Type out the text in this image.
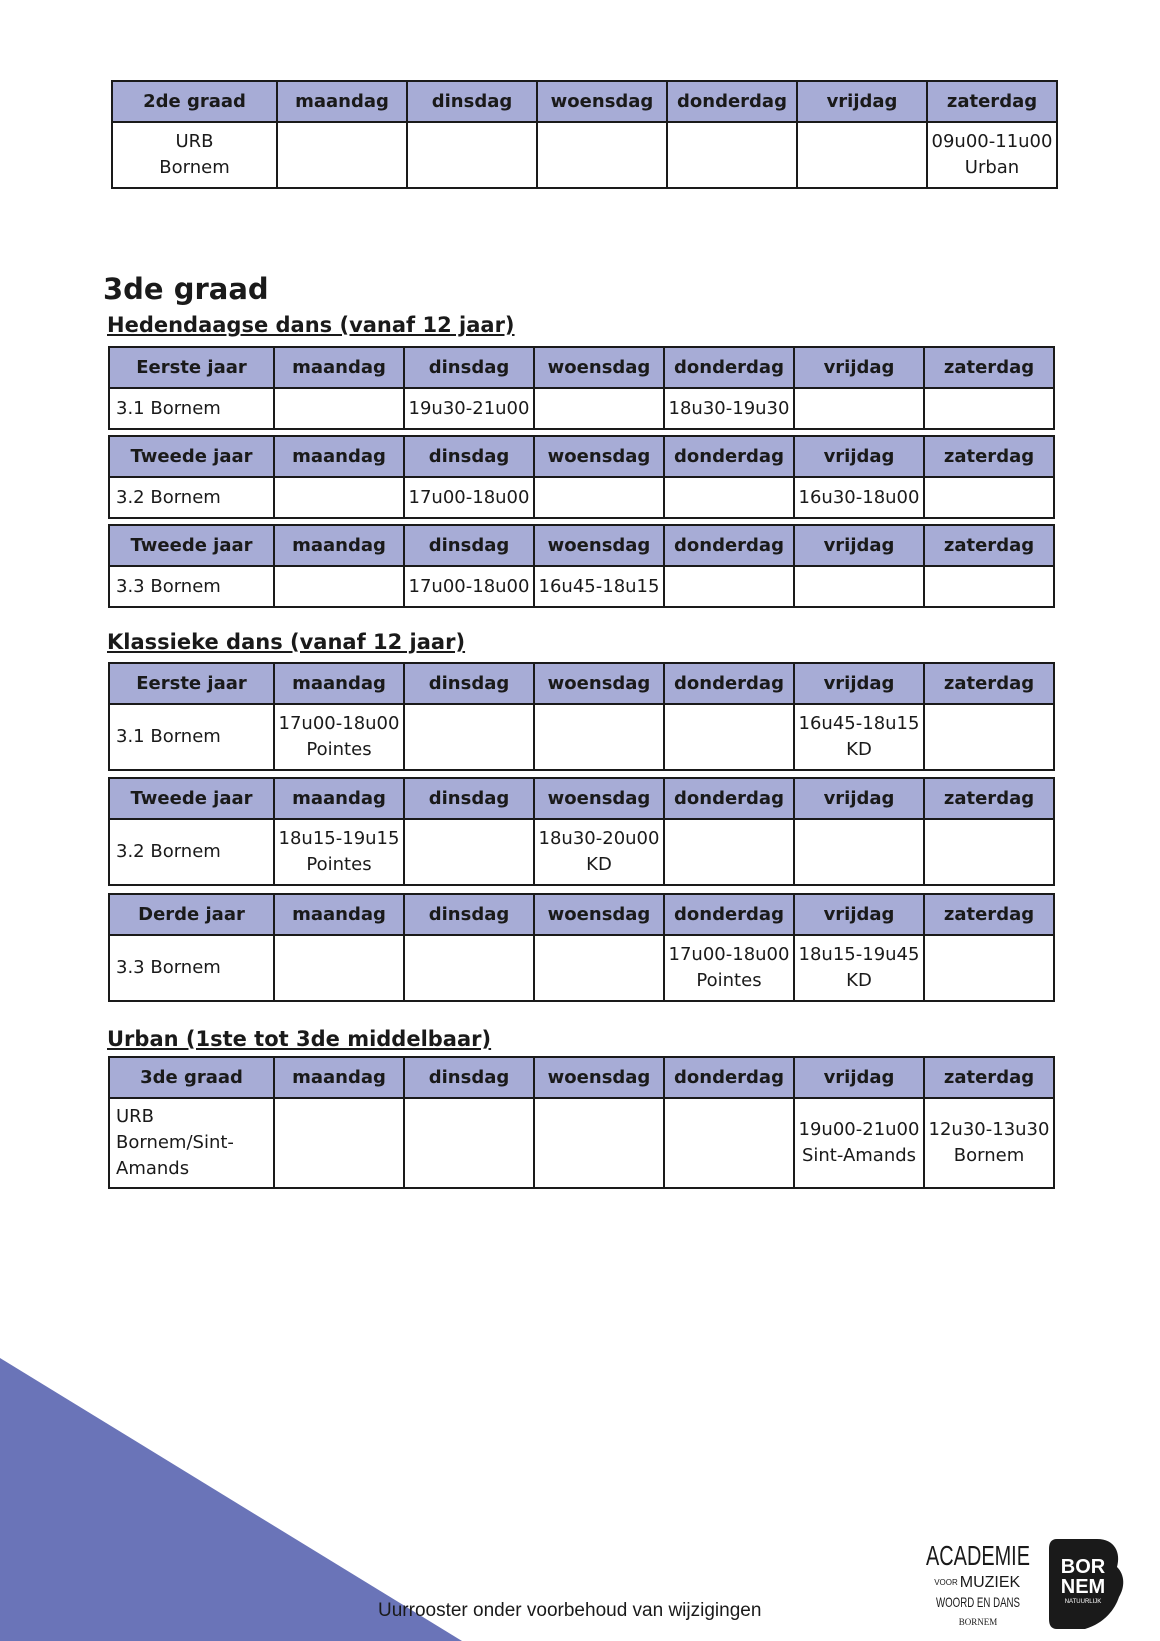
2de graad	maandag	dinsdag	woensdag	donderdag	vrijdag	zaterdag

URB
Bornem						09u00-11u00
Urban
3de graad
Hedendaagse dans (vanaf 12 jaar)
Eerste jaar	maandag	dinsdag	woensdag	donderdag	vrijdag	zaterdag

3.1 Bornem		19u30-21u00		18u30-19u30		

Tweede jaar	maandag	dinsdag	woensdag	donderdag	vrijdag	zaterdag

3.2 Bornem		17u00-18u00			16u30-18u00	

Tweede jaar	maandag	dinsdag	woensdag	donderdag	vrijdag	zaterdag

3.3 Bornem		17u00-18u00	16u45-18u15			

Klassieke dans (vanaf 12 jaar)
Eerste jaar	maandag	dinsdag	woensdag	donderdag	vrijdag	zaterdag

3.1 Bornem	17u00-18u00
Pointes				16u45-18u15
KD	

Tweede jaar	maandag	dinsdag	woensdag	donderdag	vrijdag	zaterdag

3.2 Bornem	18u15-19u15
Pointes		18u30-20u00
KD			

Derde jaar	maandag	dinsdag	woensdag	donderdag	vrijdag	zaterdag

3.3 Bornem				17u00-18u00
Pointes	18u15-19u45
KD	

Urban (1ste tot 3de middelbaar)
3de graad	maandag	dinsdag	woensdag	donderdag	vrijdag	zaterdag

URB
Bornem/Sint-
Amands					19u00-21u00
Sint-Amands	12u30-13u30
Bornem
Uurrooster onder voorbehoud van wijzigingen
ACADEMIE
VOOR MUZIEK
WOORD EN DANS
BORNEM
BOR
NEM
NATUURLIJK
